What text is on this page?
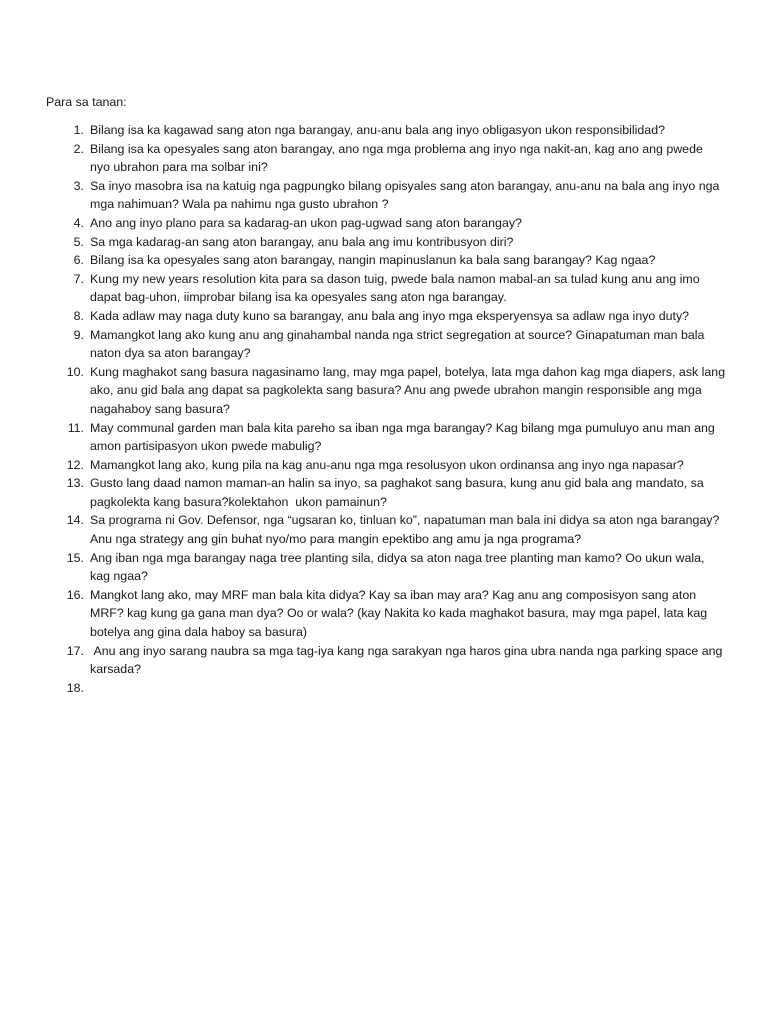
Para sa tanan:

1. Bilang isa ka kagawad sang aton nga barangay, anu-anu bala ang inyo obligasyon ukon responsibilidad?
2. Bilang isa ka opesyales sang aton barangay, ano nga mga problema ang inyo nga nakit-an, kag ano ang pwede nyo ubrahon para ma solbar ini?
3. Sa inyo masobra isa na katuig nga pagpungko bilang opisyales sang aton barangay, anu-anu na bala ang inyo nga mga nahimuan? Wala pa nahimu nga gusto ubrahon ?
4. Ano ang inyo plano para sa kadarag-an ukon pag-ugwad sang aton barangay?
5. Sa mga kadarag-an sang aton barangay, anu bala ang imu kontribusyon diri?
6. Bilang isa ka opesyales sang aton barangay, nangin mapinuslanun ka bala sang barangay? Kag ngaa?
7. Kung my new years resolution kita para sa dason tuig, pwede bala namon mabal-an sa tulad kung anu ang imo dapat bag-uhon, iimprobar bilang isa ka opesyales sang aton nga barangay.
8. Kada adlaw may naga duty kuno sa barangay, anu bala ang inyo mga eksperyensya sa adlaw nga inyo duty?
9. Mamangkot lang ako kung anu ang ginahambal nanda nga strict segregation at source? Ginapatuman man bala naton dya sa aton barangay?
10. Kung maghakot sang basura nagasinamo lang, may mga papel, botelya, lata mga dahon kag mga diapers, ask lang ako, anu gid bala ang dapat sa pagkolekta sang basura? Anu ang pwede ubrahon mangin responsible ang mga nagahaboy sang basura?
11. May communal garden man bala kita pareho sa iban nga mga barangay? Kag bilang mga pumuluyo anu man ang amon partisipasyon ukon pwede mabulig?
12. Mamangkot lang ako, kung pila na kag anu-anu nga mga resolusyon ukon ordinansa ang inyo nga napasar?
13. Gusto lang daad namon maman-an halin sa inyo, sa paghakot sang basura, kung anu gid bala ang mandato, sa pagkolekta kang basura?kolektahon  ukon pamainun?
14. Sa programa ni Gov. Defensor, nga “ugsaran ko, tinluan ko”, napatuman man bala ini didya sa aton nga barangay? Anu nga strategy ang gin buhat nyo/mo para mangin epektibo ang amu ja nga programa?
15. Ang iban nga mga barangay naga tree planting sila, didya sa aton naga tree planting man kamo? Oo ukun wala, kag ngaa?
16. Mangkot lang ako, may MRF man bala kita didya? Kay sa iban may ara? Kag anu ang composisyon sang aton MRF? kag kung ga gana man dya? Oo or wala? (kay Nakita ko kada maghakot basura, may mga papel, lata kag botelya ang gina dala haboy sa basura)
17. Anu ang inyo sarang naubra sa mga tag-iya kang nga sarakyan nga haros gina ubra nanda nga parking space ang karsada?
18.
